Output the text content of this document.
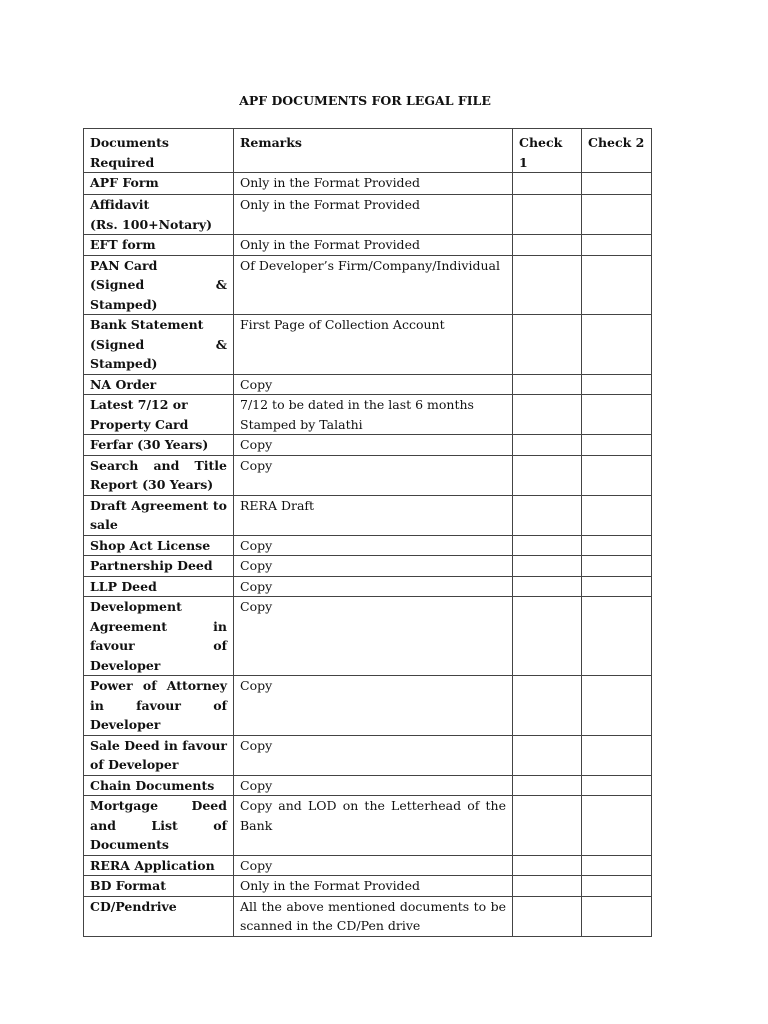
APF DOCUMENTS FOR LEGAL FILE
Documents Required	Remarks	Check 1	Check 2
APF Form	Only in the Format Provided		
Affidavit
(Rs. 100+Notary)	Only in the Format Provided		
EFT form	Only in the Format Provided		
PAN Card
(Signed & Stamped)	Of Developer’s Firm/Company/Individual		
Bank Statement
(Signed & Stamped)	First Page of Collection Account		
NA Order	Copy		
Latest 7/12 or
Property Card	7/12 to be dated in the last 6 months
Stamped by Talathi		
Ferfar (30 Years)	Copy		
Search and Title Report (30 Years)	Copy		
Draft Agreement to sale	RERA Draft		
Shop Act License	Copy		
Partnership Deed	Copy		
LLP Deed	Copy		
Development Agreement in favour of Developer	Copy		
Power of Attorney in favour of Developer	Copy		
Sale Deed in favour of Developer	Copy		
Chain Documents	Copy		
Mortgage Deed and List of Documents	Copy and LOD on the Letterhead of the Bank		
RERA Application	Copy		
BD Format	Only in the Format Provided		
CD/Pendrive	All the above mentioned documents to be scanned in the CD/Pen drive		
